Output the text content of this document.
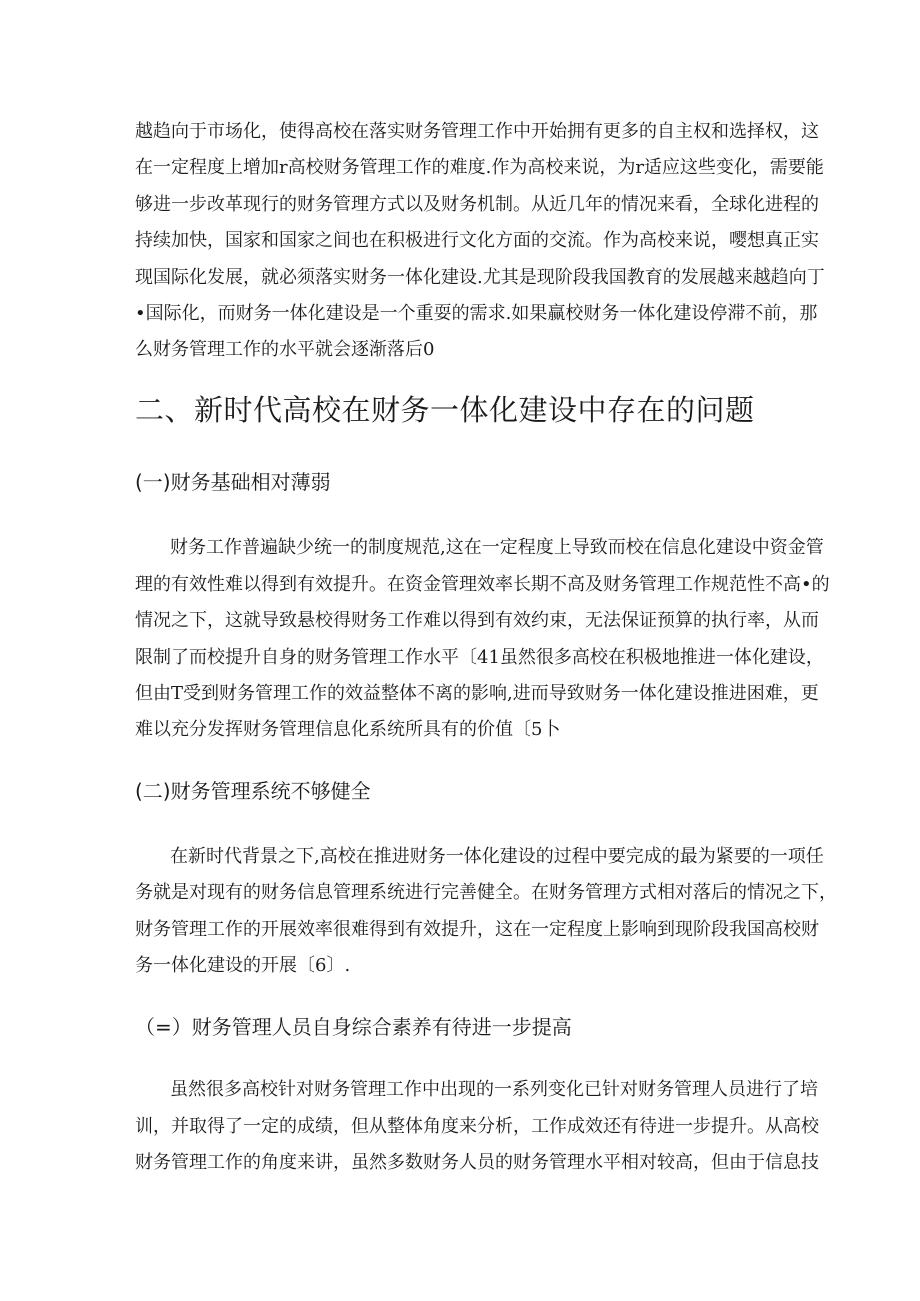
越趋向于市场化，使得高校在落实财务管理工作中开始拥有更多的自主权和选择权，这
在一定程度上增加r高校财务管理工作的难度.作为高校来说，为r适应这些变化，需要能
够进一步改革现行的财务管理方式以及财务机制。从近几年的情况来看，全球化进程的
持续加快，国家和国家之间也在积极进行文化方面的交流。作为高校来说，嘤想真正实
现国际化发展，就必须落实财务一体化建设.尤其是现阶段我国教育的发展越来越趋向丁
•国际化，而财务一体化建设是一个重耍的需求.如果赢校财务一体化建设停滞不前，那
么财务管理工作的水平就会逐渐落后0
二、新时代高校在财务一体化建设中存在的问题
(一)财务基础相对薄弱
财务工作普遍缺少统一的制度规范,这在一定程度上导致而校在信息化建设中资金管
理的有效性难以得到有效提升。在资金管理效率长期不高及财务管理工作规范性不高•的
情况之下，这就导致悬校得财务工作难以得到有效约束，无法保证预算的执行率，从而
限制了而校提升自身的财务管理工作水平〔41虽然很多高校在积极地推进一体化建设，
但由T受到财务管理工作的效益整体不离的影响,进而导致财务一体化建设推进困难，更
难以充分发挥财务管理信息化系统所具有的价值〔5卜
(二)财务管理系统不够健全
在新时代背景之下,高校在推进财务一体化建设的过程中要完成的最为紧要的一项任
务就是对现有的财务信息管理系统进行完善健全。在财务管理方式相对落后的情况之下，
财务管理工作的开展效率很难得到有效提升，这在一定程度上影响到现阶段我国高校财
务一体化建设的开展〔6〕.
（=）财务管理人员自身综合素养有待进一步提高
虽然很多高校针对财务管理工作中出现的一系列变化已针对财务管理人员进行了培
训，并取得了一定的成绩，但从整体角度来分析，工作成效还有待进一步提升。从高校
财务管理工作的角度来讲，虽然多数财务人员的财务管理水平相对较高，但由于信息技
